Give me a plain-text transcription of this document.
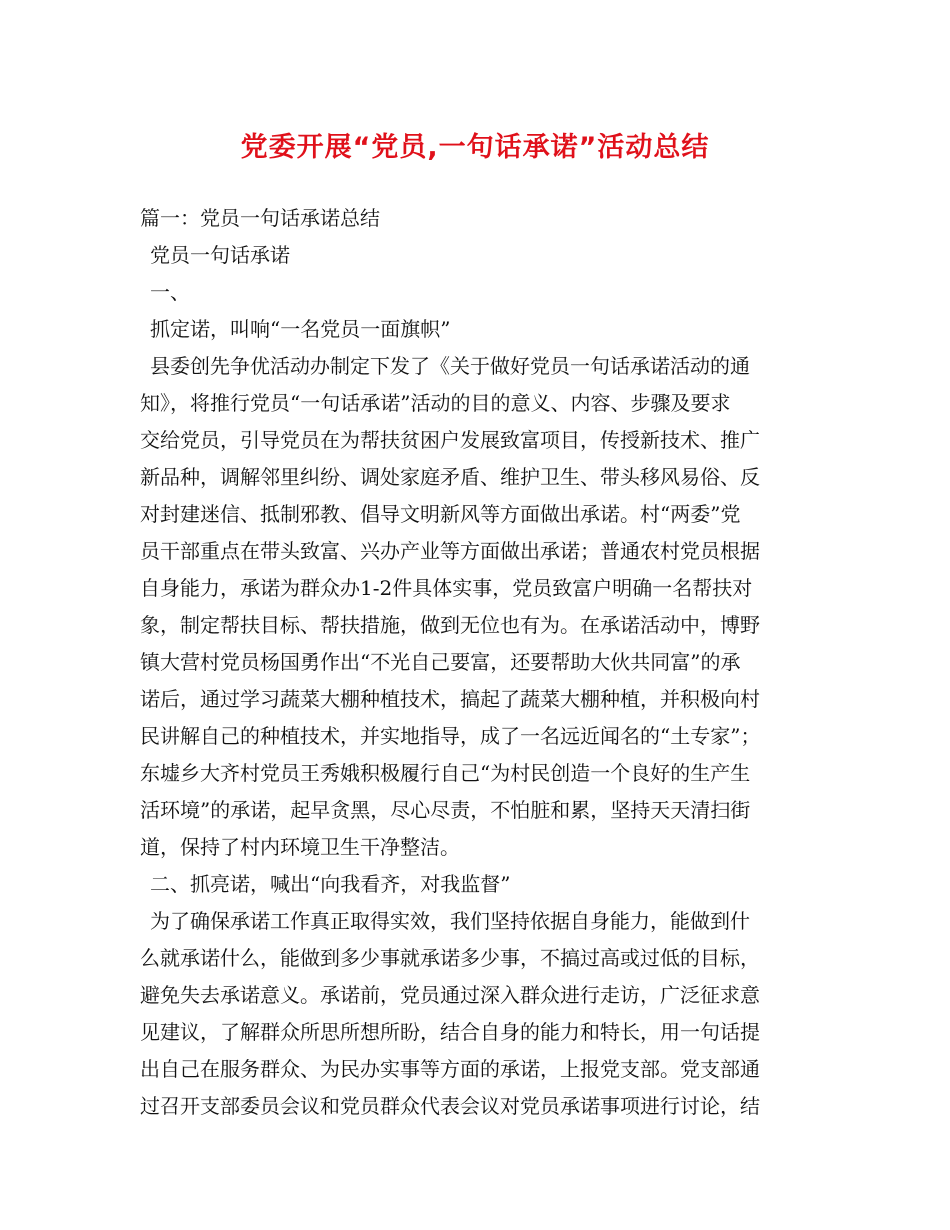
党委开展“党员,一句话承诺”活动总结
篇一：党员一句话承诺总结
党员一句话承诺
一、
抓定诺，叫响“一名党员一面旗帜”
县委创先争优活动办制定下发了《关于做好党员一句话承诺活动的通
知》，将推行党员“一句话承诺”活动的目的意义、内容、步骤及要求
交给党员，引导党员在为帮扶贫困户发展致富项目，传授新技术、推广
新品种，调解邻里纠纷、调处家庭矛盾、维护卫生、带头移风易俗、反
对封建迷信、抵制邪教、倡导文明新风等方面做出承诺。村“两委”党
员干部重点在带头致富、兴办产业等方面做出承诺；普通农村党员根据
自身能力，承诺为群众办1-2件具体实事，党员致富户明确一名帮扶对
象，制定帮扶目标、帮扶措施，做到无位也有为。在承诺活动中，博野
镇大营村党员杨国勇作出“不光自己要富，还要帮助大伙共同富”的承
诺后，通过学习蔬菜大棚种植技术，搞起了蔬菜大棚种植，并积极向村
民讲解自己的种植技术，并实地指导，成了一名远近闻名的“土专家”；
东墟乡大齐村党员王秀娥积极履行自己“为村民创造一个良好的生产生
活环境”的承诺，起早贪黑，尽心尽责，不怕脏和累，坚持天天清扫街
道，保持了村内环境卫生干净整洁。
二、抓亮诺，喊出“向我看齐，对我监督”
为了确保承诺工作真正取得实效，我们坚持依据自身能力，能做到什
么就承诺什么，能做到多少事就承诺多少事，不搞过高或过低的目标，
避免失去承诺意义。承诺前，党员通过深入群众进行走访，广泛征求意
见建议，了解群众所思所想所盼，结合自身的能力和特长，用一句话提
出自己在服务群众、为民办实事等方面的承诺，上报党支部。党支部通
过召开支部委员会议和党员群众代表会议对党员承诺事项进行讨论，结
